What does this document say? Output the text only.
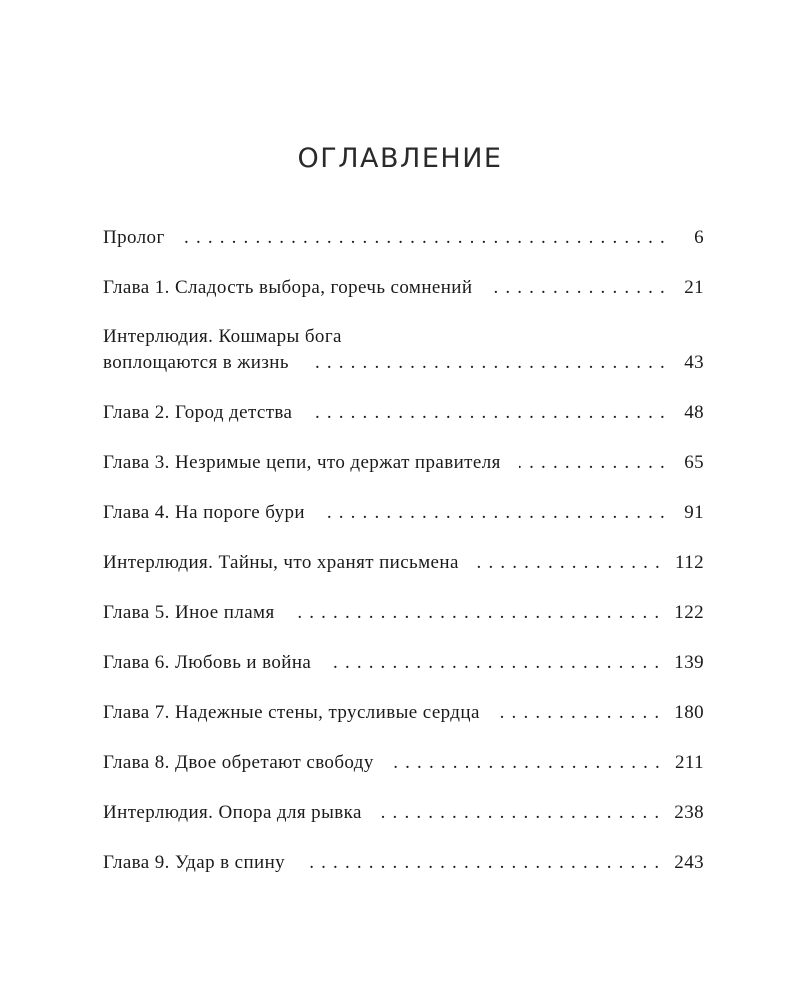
ОГЛАВЛЕНИЕ
Пролог . . .	6
Глава 1. Сладость выбора, горечь сомнений . . .	21
Интерлюдия. Кошмары бога
воплощаются в жизнь . . .	43
Глава 2. Город детства . . .	48
Глава 3. Незримые цепи, что держат правителя . . .	65
Глава 4. На пороге бури . . .	91
Интерлюдия. Тайны, что хранят письмена . . .	112
Глава 5. Иное пламя . . .	122
Глава 6. Любовь и война . . .	139
Глава 7. Надежные стены, трусливые сердца . . .	180
Глава 8. Двое обретают свободу . . .	211
Интерлюдия. Опора для рывка . . .	238
Глава 9. Удар в спину . . .	243
